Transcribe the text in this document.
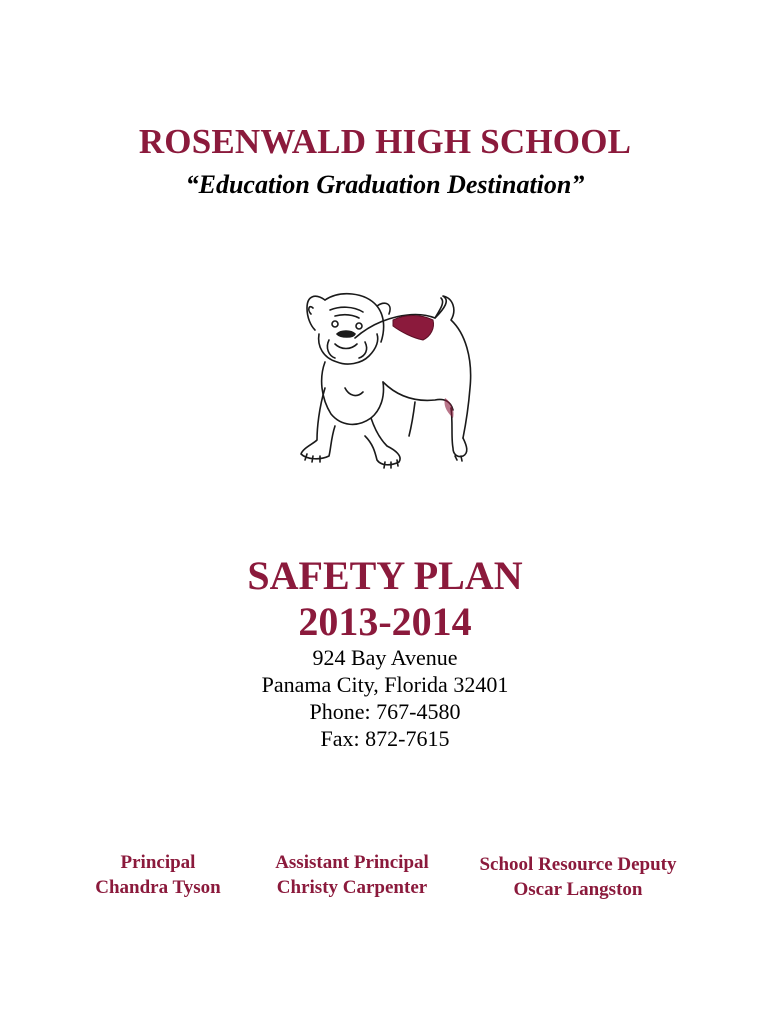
ROSENWALD HIGH SCHOOL

“Education Graduation Destination”

SAFETY PLAN
2013-2014
924 Bay Avenue
Panama City, Florida 32401
Phone: 767-4580
Fax: 872-7615
Principal
Chandra Tyson
Assistant Principal
Christy Carpenter
School Resource Deputy
Oscar Langston
